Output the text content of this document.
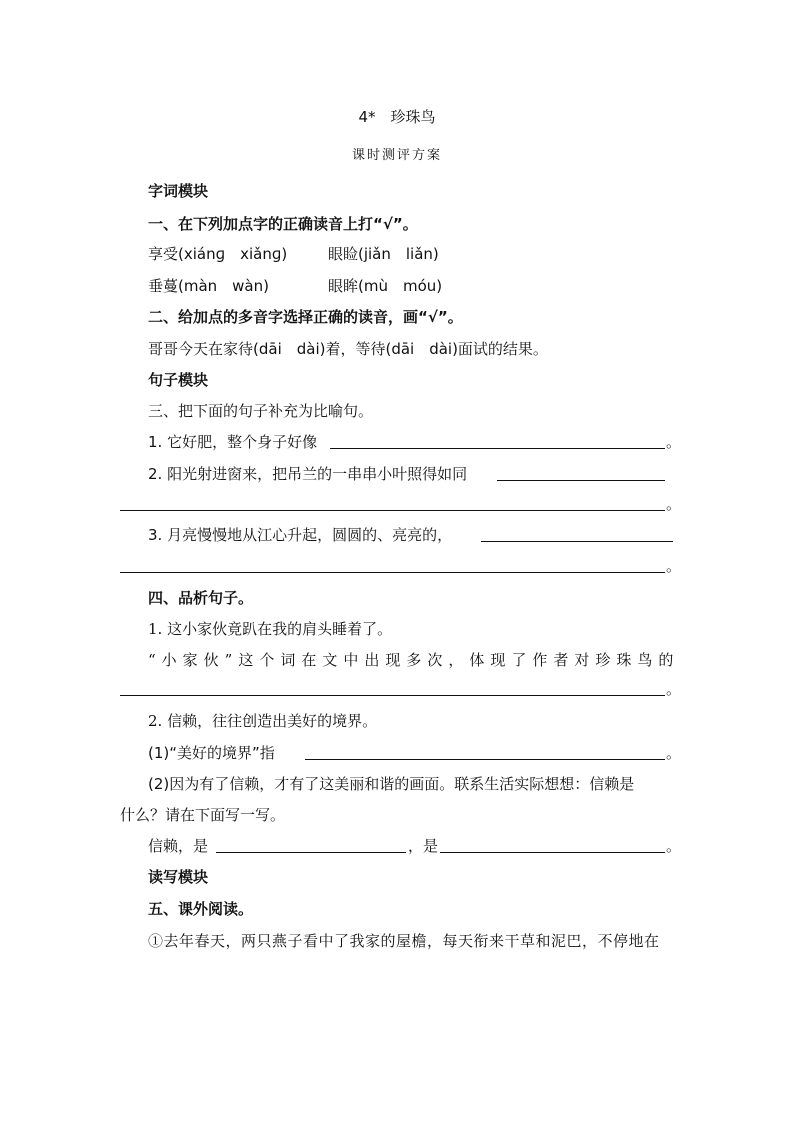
4*　珍珠鸟
课时测评方案
字词模块
一、在下列加点字的正确读音上打“√”。
享受(xiánɡ　xiǎnɡ)	眼睑(jiǎn　liǎn)
垂蔓(màn　wàn)	眼眸(mù　móu)
二、给加点的多音字选择正确的读音，画“√”。
哥哥今天在家待(dāi　dài)着，等待(dāi　dài)面试的结果。
句子模块
三、把下面的句子补充为比喻句。
1. 它好肥，整个身子好像	。
2. 阳光射进窗来，把吊兰的一串串小叶照得如同
。
3. 月亮慢慢地从江心升起，圆圆的、亮亮的，
。
四、品析句子。
1. 这小家伙竟趴在我的肩头睡着了。
“小家伙”这个词在文中出现多次，体现了作者对珍珠鸟的
。
2. 信赖，往往创造出美好的境界。
(1)“美好的境界”指	。
(2)因为有了信赖，才有了这美丽和谐的画面。联系生活实际想想：信赖是
什么？请在下面写一写。
信赖，是	，是	。
读写模块
五、课外阅读。
①去年春天，两只燕子看中了我家的屋檐，每天衔来干草和泥巴，不停地在
